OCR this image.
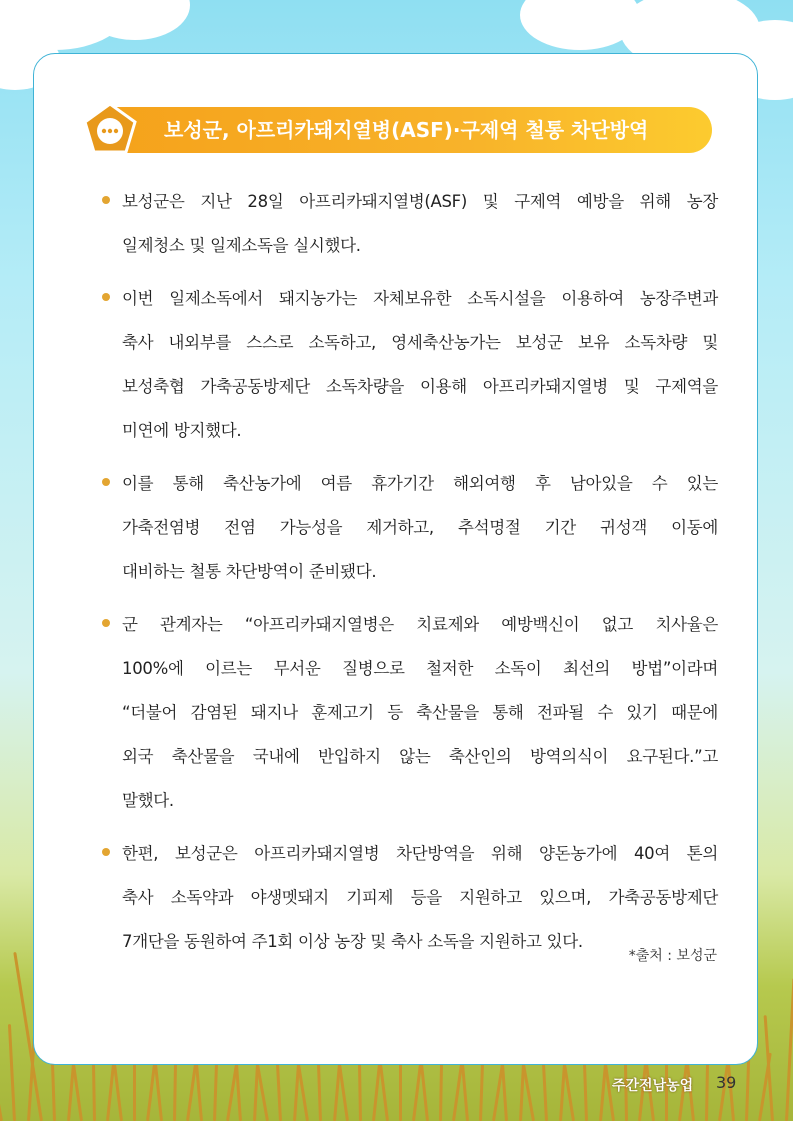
보성군, 아프리카돼지열병(ASF)·구제역 철통 차단방역
보성군은 지난 28일 아프리카돼지열병(ASF) 및 구제역 예방을 위해 농장
일제청소 및 일제소독을 실시했다.
이번 일제소독에서 돼지농가는 자체보유한 소독시설을 이용하여 농장주변과
축사 내외부를 스스로 소독하고, 영세축산농가는 보성군 보유 소독차량 및
보성축협 가축공동방제단 소독차량을 이용해 아프리카돼지열병 및 구제역을
미연에 방지했다.
이를 통해 축산농가에 여름 휴가기간 해외여행 후 남아있을 수 있는
가축전염병 전염 가능성을 제거하고, 추석명절 기간 귀성객 이동에
대비하는 철통 차단방역이 준비됐다.
군 관계자는 “아프리카돼지열병은 치료제와 예방백신이 없고 치사율은
100%에 이르는 무서운 질병으로 철저한 소독이 최선의 방법”이라며
“더불어 감염된 돼지나 훈제고기 등 축산물을 통해 전파될 수 있기 때문에
외국 축산물을 국내에 반입하지 않는 축산인의 방역의식이 요구된다.”고
말했다.
한편, 보성군은 아프리카돼지열병 차단방역을 위해 양돈농가에 40여 톤의
축사 소독약과 야생멧돼지 기피제 등을 지원하고 있으며, 가축공동방제단
7개단을 동원하여 주1회 이상 농장 및 축사 소독을 지원하고 있다.
*출처 : 보성군
주간전남농업 39
